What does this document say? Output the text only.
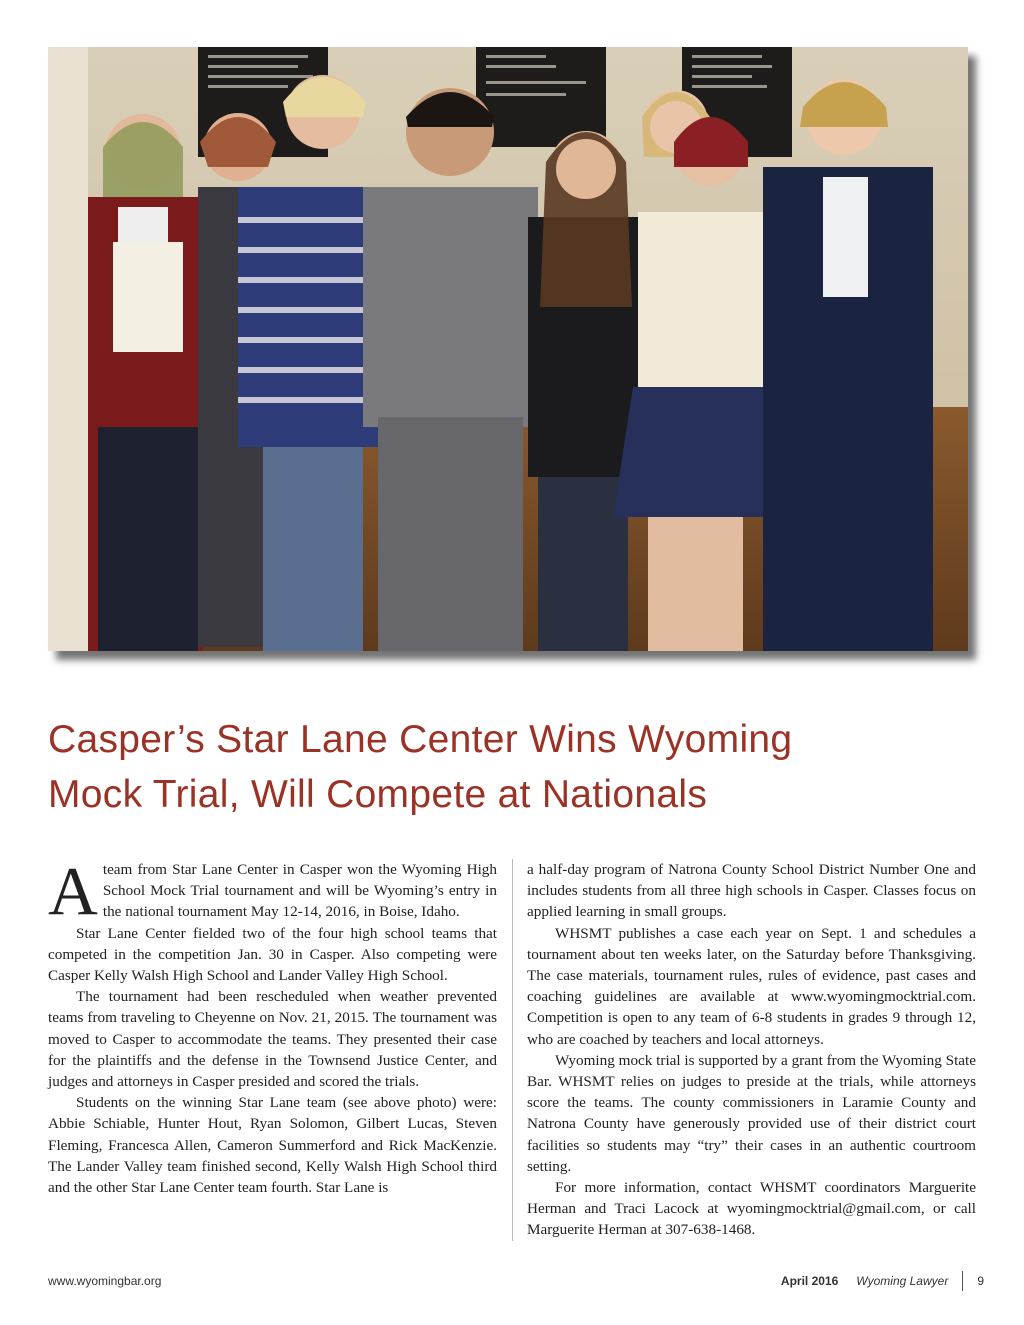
Casper’s Star Lane Center Wins Wyoming
Mock Trial, Will Compete at Nationals

Ateam from Star Lane Center in Casper won the Wyoming High School Mock Trial tournament and will be Wyoming’s entry in the national tournament May 12-14, 2016, in Boise, Idaho.

Star Lane Center fielded two of the four high school teams that competed in the competition Jan. 30 in Casper. Also competing were Casper Kelly Walsh High School and Lander Valley High School.

The tournament had been rescheduled when weather prevented teams from traveling to Cheyenne on Nov. 21, 2015. The tournament was moved to Casper to accommodate the teams. They presented their case for the plaintiffs and the defense in the Townsend Justice Center, and judges and attorneys in Casper presided and scored the trials.

Students on the winning Star Lane team (see above photo) were: Abbie Schiable, Hunter Hout, Ryan Solomon, Gilbert Lucas, Steven Fleming, Francesca Allen, Cameron Summerford and Rick MacKenzie. The Lander Valley team finished second, Kelly Walsh High School third and the other Star Lane Center team fourth. Star Lane is

a half-day program of Natrona County School District Number One and includes students from all three high schools in Casper. Classes focus on applied learning in small groups.

WHSMT publishes a case each year on Sept. 1 and schedules a tournament about ten weeks later, on the Saturday before Thanksgiving. The case materials, tournament rules, rules of evidence, past cases and coaching guidelines are available at www.wyomingmocktrial.com. Competition is open to any team of 6-8 students in grades 9 through 12, who are coached by teachers and local attorneys.

Wyoming mock trial is supported by a grant from the Wyoming State Bar. WHSMT relies on judges to preside at the trials, while attorneys score the teams. The county commissioners in Laramie County and Natrona County have generously provided use of their district court facilities so students may “try” their cases in an authentic courtroom setting.

For more information, contact WHSMT coordinators Marguerite Herman and Traci Lacock at wyomingmocktrial@gmail.com, or call Marguerite Herman at 307-638-1468.

www.wyomingbar.org	April 2016 Wyoming Lawyer 9
